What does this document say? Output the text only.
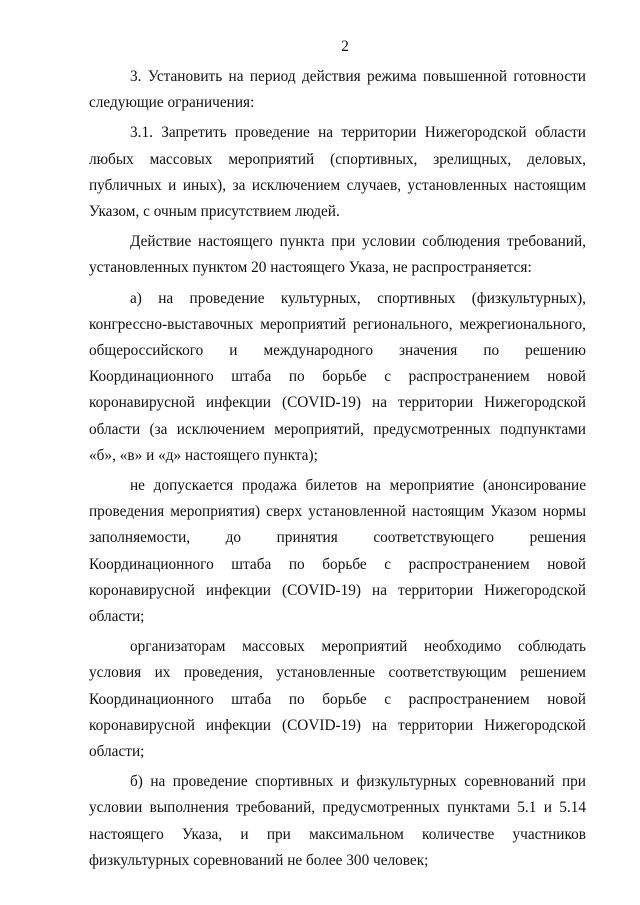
2

3. Установить на период действия режима повышенной готовности следующие ограничения:

3.1. Запретить проведение на территории Нижегородской области любых массовых мероприятий (спортивных, зрелищных, деловых, публичных и иных), за исключением случаев, установленных настоящим Указом, с очным присутствием людей.

Действие настоящего пункта при условии соблюдения требований, установленных пунктом 20 настоящего Указа, не распространяется:

а) на проведение культурных, спортивных (физкультурных), конгрессно-выставочных мероприятий регионального, межрегионального, общероссийского и международного значения по решению Координационного штаба по борьбе с распространением новой коронавирусной инфекции (COVID-19) на территории Нижегородской области (за исключением мероприятий, предусмотренных подпунктами «б», «в» и «д» настоящего пункта);

не допускается продажа билетов на мероприятие (анонсирование проведения мероприятия) сверх установленной настоящим Указом нормы заполняемости, до принятия соответствующего решения Координационного штаба по борьбе с распространением новой коронавирусной инфекции (COVID-19) на территории Нижегородской области;

организаторам массовых мероприятий необходимо соблюдать условия их проведения, установленные соответствующим решением Координационного штаба по борьбе с распространением новой коронавирусной инфекции (COVID-19) на территории Нижегородской области;

б) на проведение спортивных и физкультурных соревнований при условии выполнения требований, предусмотренных пунктами 5.1 и 5.14 настоящего Указа, и при максимальном количестве участников физкультурных соревнований не более 300 человек;
